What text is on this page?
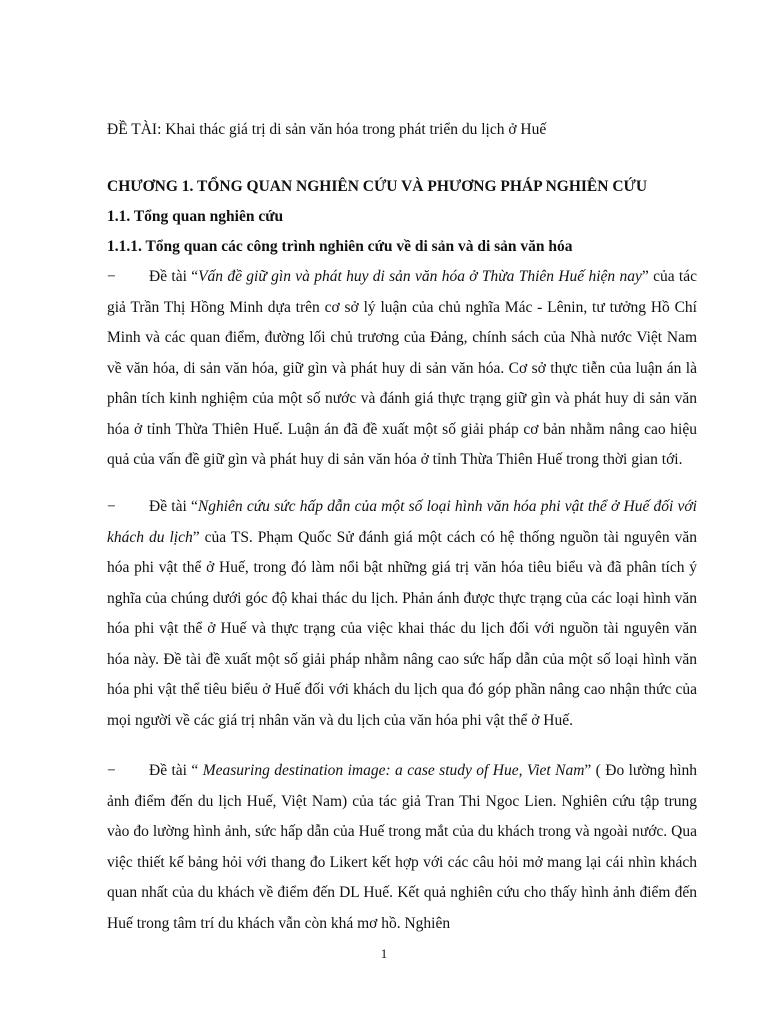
ĐỀ TÀI: Khai thác giá trị di sản văn hóa trong phát triển du lịch ở Huế
CHƯƠNG 1. TỔNG QUAN NGHIÊN CỨU VÀ PHƯƠNG PHÁP NGHIÊN CỨU
1.1. Tổng quan nghiên cứu
1.1.1. Tổng quan các công trình nghiên cứu về di sản và di sản văn hóa
− Đề tài “Vấn đề giữ gìn và phát huy di sản văn hóa ở Thừa Thiên Huế hiện nay” của tác giả Trần Thị Hồng Minh dựa trên cơ sở lý luận của chủ nghĩa Mác - Lênin, tư tưởng Hồ Chí Minh và các quan điểm, đường lối chủ trương của Đảng, chính sách của Nhà nước Việt Nam về văn hóa, di sản văn hóa, giữ gìn và phát huy di sản văn hóa. Cơ sở thực tiễn của luận án là phân tích kinh nghiệm của một số nước và đánh giá thực trạng giữ gìn và phát huy di sản văn hóa ở tỉnh Thừa Thiên Huế. Luận án đã đề xuất một số giải pháp cơ bản nhằm nâng cao hiệu quả của vấn đề giữ gìn và phát huy di sản văn hóa ở tỉnh Thừa Thiên Huế trong thời gian tới.
− Đề tài “Nghiên cứu sức hấp dẫn của một số loại hình văn hóa phi vật thể ở Huế đối với khách du lịch” của TS. Phạm Quốc Sử đánh giá một cách có hệ thống nguồn tài nguyên văn hóa phi vật thể ở Huế, trong đó làm nổi bật những giá trị văn hóa tiêu biểu và đã phân tích ý nghĩa của chúng dưới góc độ khai thác du lịch. Phản ánh được thực trạng của các loại hình văn hóa phi vật thể ở Huế và thực trạng của việc khai thác du lịch đối với nguồn tài nguyên văn hóa này. Đề tài đề xuất một số giải pháp nhằm nâng cao sức hấp dẫn của một số loại hình văn hóa phi vật thể tiêu biểu ở Huế đối với khách du lịch qua đó góp phần nâng cao nhận thức của mọi người về các giá trị nhân văn và du lịch của văn hóa phi vật thể ở Huế.
− Đề tài “ Measuring destination image: a case study of Hue, Viet Nam” ( Đo lường hình ảnh điểm đến du lịch Huế, Việt Nam) của tác giả Tran Thi Ngoc Lien. Nghiên cứu tập trung vào đo lường hình ảnh, sức hấp dẫn của Huế trong mắt của du khách trong và ngoài nước. Qua việc thiết kế bảng hỏi với thang đo Likert kết hợp với các câu hỏi mở mang lại cái nhìn khách quan nhất của du khách về điểm đến DL Huế. Kết quả nghiên cứu cho thấy hình ảnh điểm đến Huế trong tâm trí du khách vẫn còn khá mơ hồ. Nghiên
1
